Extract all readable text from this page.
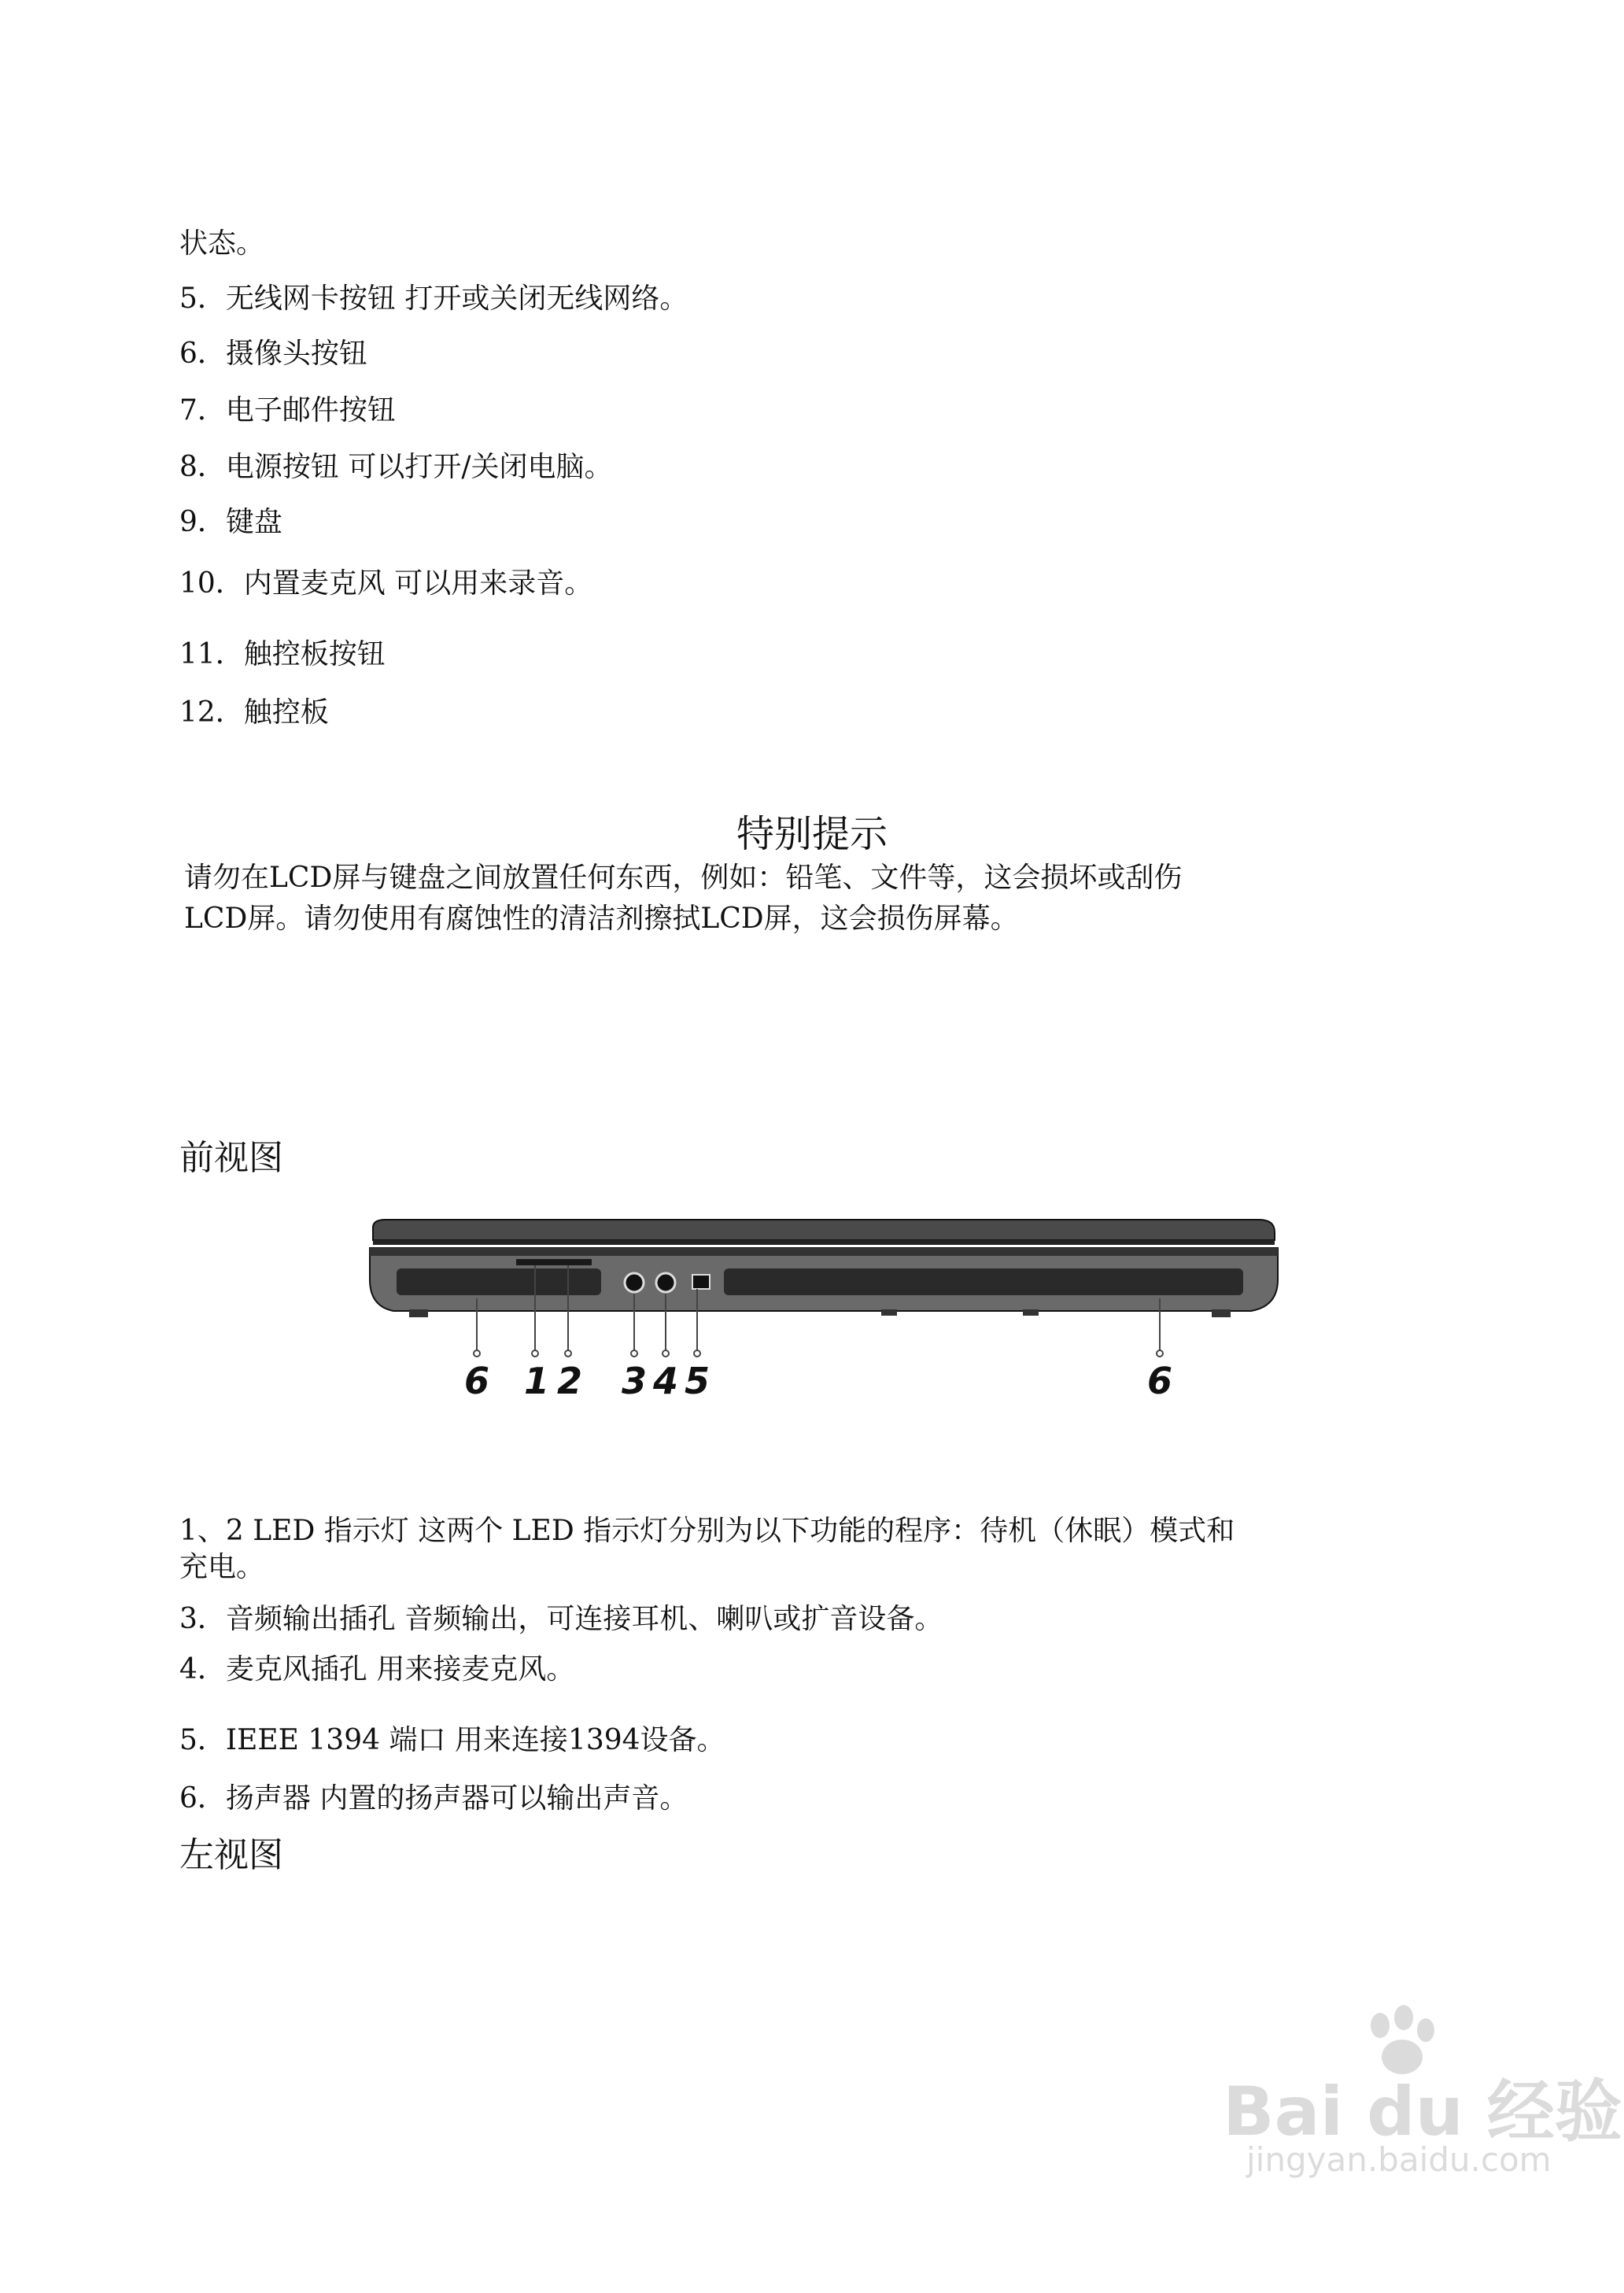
状态。
5．无线网卡按钮 打开或关闭无线网络。
6．摄像头按钮
7．电子邮件按钮
8．电源按钮 可以打开/关闭电脑。
9．键盘
10．内置麦克风 可以用来录音。
11．触控板按钮
12．触控板
特别提示
请勿在LCD屏与键盘之间放置任何东西，例如：铅笔、文件等，这会损坏或刮伤
LCD屏。请勿使用有腐蚀性的清洁剂擦拭LCD屏，这会损伤屏幕。
前视图
6 1 2 3 4 5	6
1、2 LED 指示灯 这两个 LED 指示灯分别为以下功能的程序：待机（休眠）模式和
充电。
3．音频输出插孔 音频输出，可连接耳机、喇叭或扩音设备。
4．麦克风插孔 用来接麦克风。
5．IEEE 1394 端口 用来连接1394设备。
6．扬声器 内置的扬声器可以输出声音。
左视图
Bai du 经验
jingyan.baidu.com
